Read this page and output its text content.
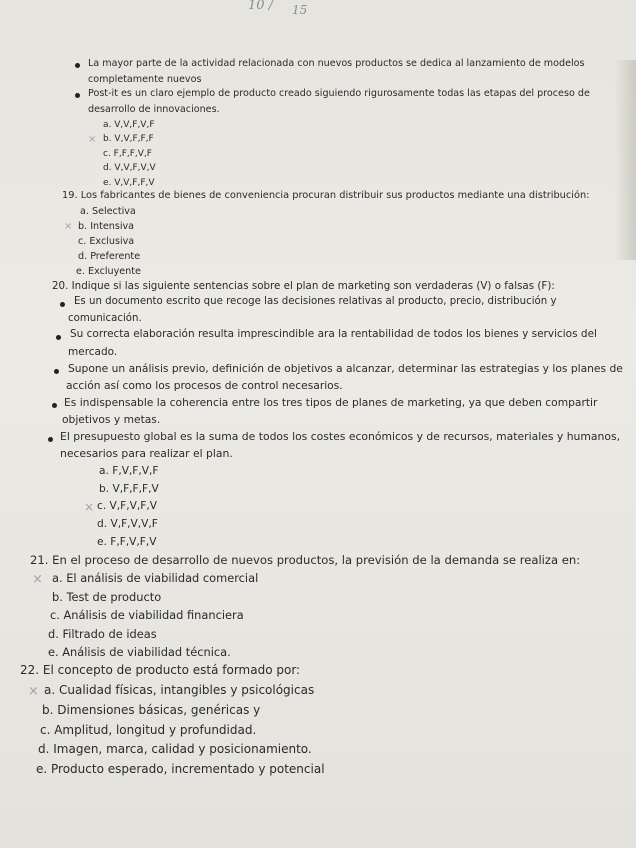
10 / 15
La mayor parte de la actividad relacionada con nuevos productos se dedica al lanzamiento de modelos
completamente nuevos
Post-it es un claro ejemplo de producto creado siguiendo rigurosamente todas las etapas del proceso de
desarrollo de innovaciones.
a. V,V,F,V,F
× b. V,V,F,F,F
c. F,F,F,V,F
d. V,V,F,V,V
e. V,V,F,F,V
19. Los fabricantes de bienes de conveniencia procuran distribuir sus productos mediante una distribución:
a. Selectiva
× b. Intensiva
c. Exclusiva
d. Preferente
e. Excluyente
20. Indique si las siguiente sentencias sobre el plan de marketing son verdaderas (V) o falsas (F):
Es un documento escrito que recoge las decisiones relativas al producto, precio, distribución y
comunicación.
Su correcta elaboración resulta imprescindible ara la rentabilidad de todos los bienes y servicios del
mercado.
Supone un análisis previo, definición de objetivos a alcanzar, determinar las estrategias y los planes de
acción así como los procesos de control necesarios.
Es indispensable la coherencia entre los tres tipos de planes de marketing, ya que deben compartir
objetivos y metas.
El presupuesto global es la suma de todos los costes económicos y de recursos, materiales y humanos,
necesarios para realizar el plan.
a. F,V,F,V,F
b. V,F,F,F,V
× c. V,F,V,F,V
d. V,F,V,V,F
e. F,F,V,F,V
21. En el proceso de desarrollo de nuevos productos, la previsión de la demanda se realiza en:
× a. El análisis de viabilidad comercial
b. Test de producto
c. Análisis de viabilidad financiera
d. Filtrado de ideas
e. Análisis de viabilidad técnica.
22. El concepto de producto está formado por:
× a. Cualidad físicas, intangibles y psicológicas
b. Dimensiones básicas, genéricas y
c. Amplitud, longitud y profundidad.
d. Imagen, marca, calidad y posicionamiento.
e. Producto esperado, incrementado y potencial
